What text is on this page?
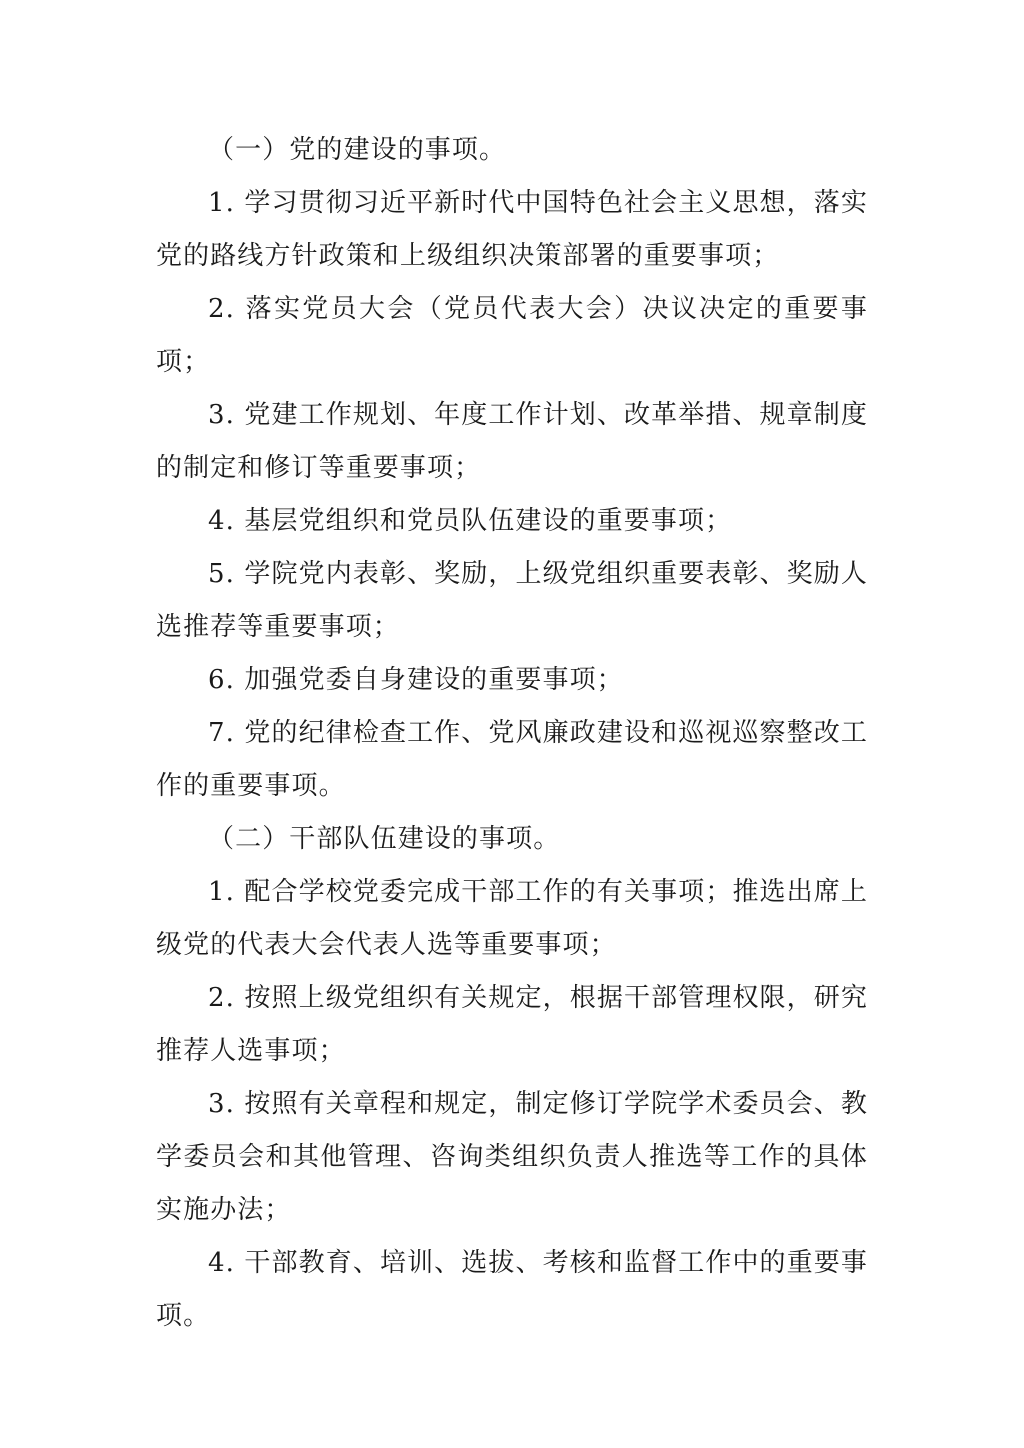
（一）党的建设的事项。

1. 学习贯彻习近平新时代中国特色社会主义思想，落实党的路线方针政策和上级组织决策部署的重要事项；

2. 落实党员大会（党员代表大会）决议决定的重要事项；

3. 党建工作规划、年度工作计划、改革举措、规章制度的制定和修订等重要事项；

4. 基层党组织和党员队伍建设的重要事项；

5. 学院党内表彰、奖励，上级党组织重要表彰、奖励人选推荐等重要事项；

6. 加强党委自身建设的重要事项；

7. 党的纪律检查工作、党风廉政建设和巡视巡察整改工作的重要事项。

（二）干部队伍建设的事项。

1. 配合学校党委完成干部工作的有关事项；推选出席上级党的代表大会代表人选等重要事项；

2. 按照上级党组织有关规定，根据干部管理权限，研究推荐人选事项；

3. 按照有关章程和规定，制定修订学院学术委员会、教学委员会和其他管理、咨询类组织负责人推选等工作的具体实施办法；

4. 干部教育、培训、选拔、考核和监督工作中的重要事项。
